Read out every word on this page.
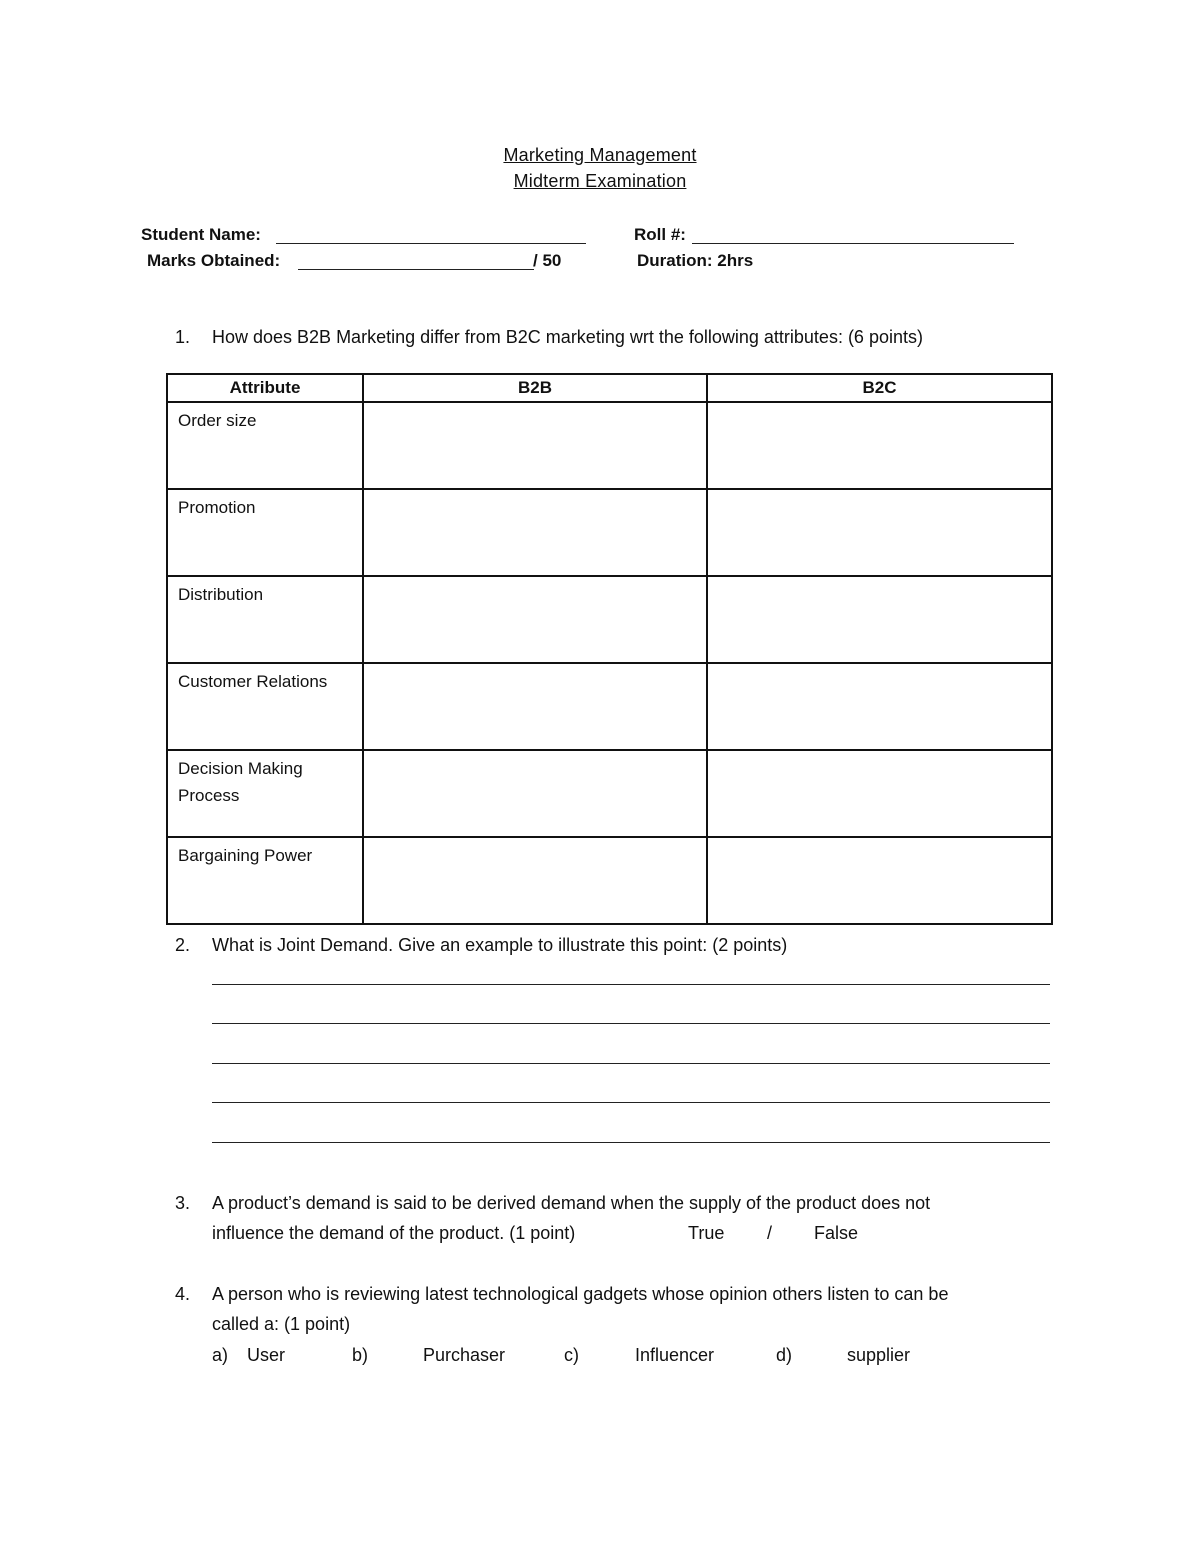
Marketing Management
Midterm Examination
Student Name:	Roll #:
Marks Obtained:	/ 50	Duration: 2hrs
1. How does B2B Marketing differ from B2C marketing wrt the following attributes: (6 points)
Attribute	B2B	B2C
Order size		
Promotion		
Distribution		
Customer Relations		
Decision Making Process		
Bargaining Power		
2. What is Joint Demand. Give an example to illustrate this point: (2 points)
3. A product’s demand is said to be derived demand when the supply of the product does not
influence the demand of the product. (1 point)	True / False
4. A person who is reviewing latest technological gadgets whose opinion others listen to can be
called a: (1 point)
a) User	b)	Purchaser	c)	Influencer	d)	supplier
